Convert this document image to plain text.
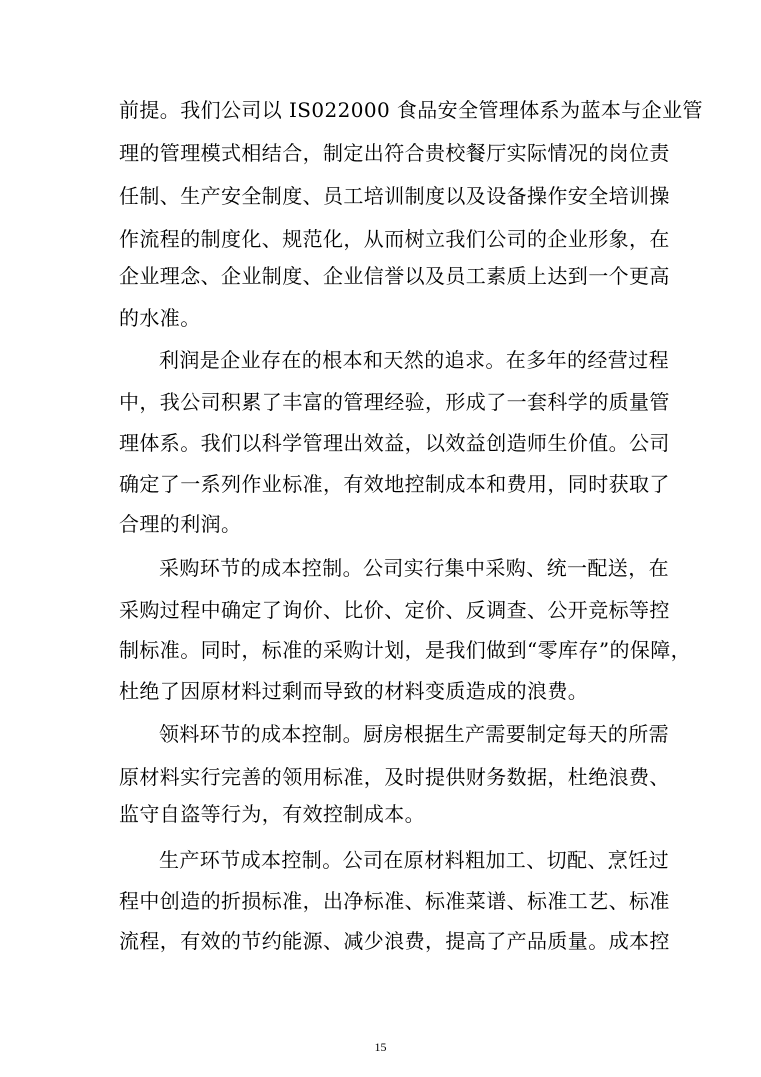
前提。我们公司以 IS022000 食品安全管理体系为蓝本与企业管
理的管理模式相结合，制定出符合贵校餐厅实际情况的岗位责
任制、生产安全制度、员工培训制度以及设备操作安全培训操
作流程的制度化、规范化，从而树立我们公司的企业形象，在
企业理念、企业制度、企业信誉以及员工素质上达到一个更高
的水准。
利润是企业存在的根本和天然的追求。在多年的经营过程
中，我公司积累了丰富的管理经验，形成了一套科学的质量管
理体系。我们以科学管理出效益，以效益创造师生价值。公司
确定了一系列作业标准，有效地控制成本和费用，同时获取了
合理的利润。
采购环节的成本控制。公司实行集中采购、统一配送，在
采购过程中确定了询价、比价、定价、反调查、公开竞标等控
制标准。同时，标准的采购计划，是我们做到“零库存”的保障，
杜绝了因原材料过剩而导致的材料变质造成的浪费。
领料环节的成本控制。厨房根据生产需要制定每天的所需
原材料实行完善的领用标准，及时提供财务数据，杜绝浪费、
监守自盗等行为，有效控制成本。
生产环节成本控制。公司在原材料粗加工、切配、烹饪过
程中创造的折损标准，出净标准、标准菜谱、标准工艺、标准
流程，有效的节约能源、减少浪费，提高了产品质量。成本控
15
